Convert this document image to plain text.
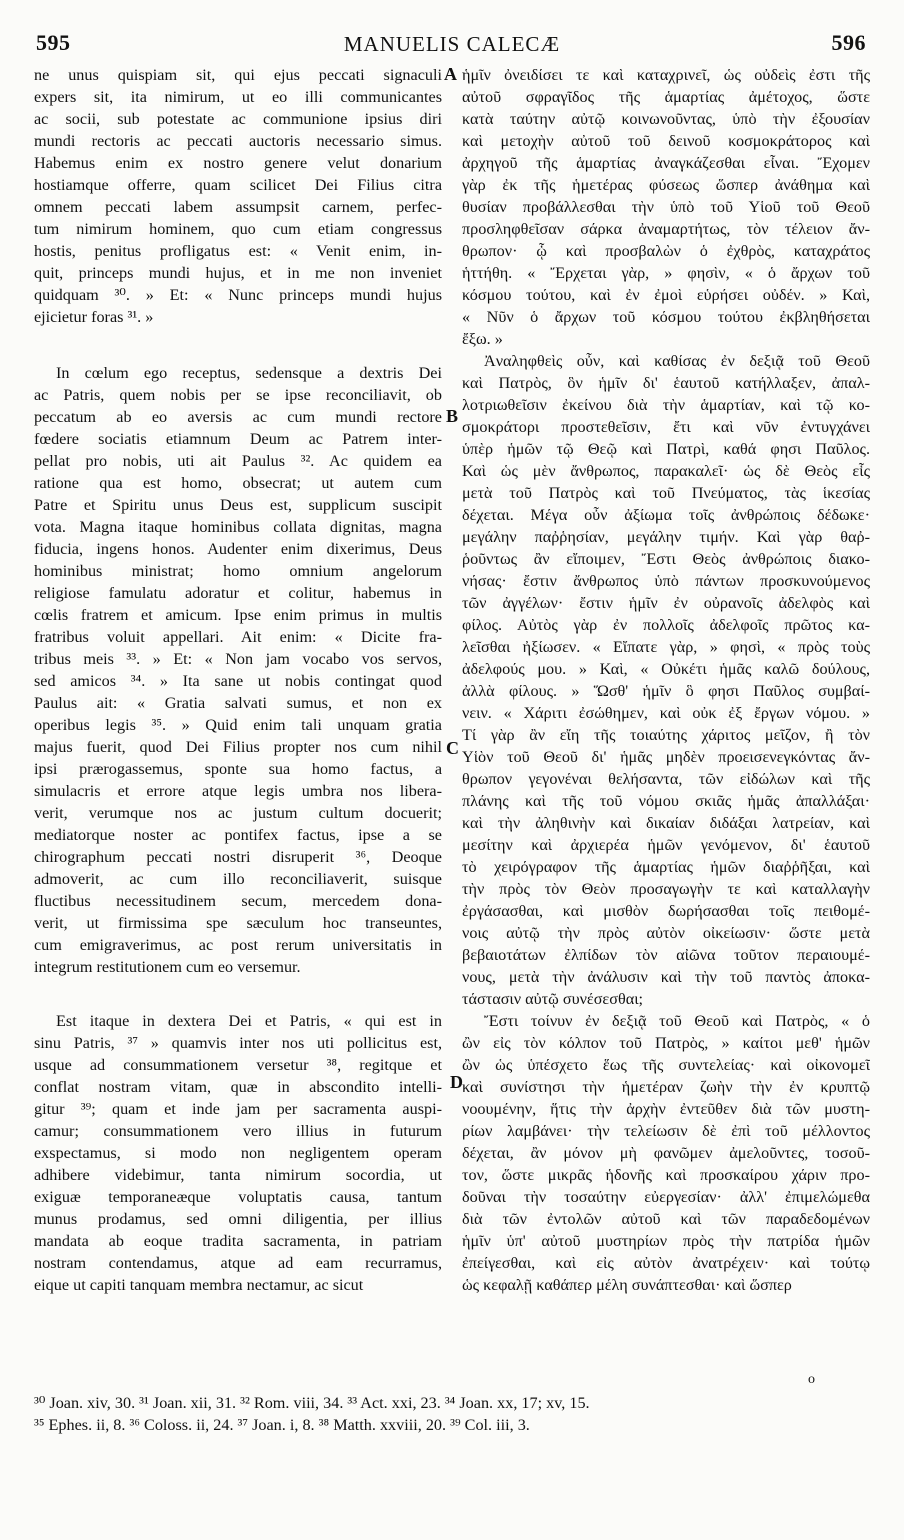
595	MANUELIS CALECÆ	596
A
B
C
D
ne unus quispiam sit, qui ejus peccati signaculi
expers sit, ita nimirum, ut eo illi communicantes
ac socii, sub potestate ac communione ipsius diri
mundi rectoris ac peccati auctoris necessario simus.
Habemus enim ex nostro genere velut donarium
hostiamque offerre, quam scilicet Dei Filius citra
omnem peccati labem assumpsit carnem, perfec-
tum nimirum hominem, quo cum etiam congressus
hostis, penitus profligatus est: « Venit enim, in-
quit, princeps mundi hujus, et in me non inveniet
quidquam ³⁰. » Et: « Nunc princeps mundi hujus
ejicietur foras ³¹. »
In cœlum ego receptus, sedensque a dextris Dei
ac Patris, quem nobis per se ipse reconciliavit, ob
peccatum ab eo aversis ac cum mundi rectore
fœdere sociatis etiamnum Deum ac Patrem inter-
pellat pro nobis, uti ait Paulus ³². Ac quidem ea
ratione qua est homo, obsecrat; ut autem cum
Patre et Spiritu unus Deus est, supplicum suscipit
vota. Magna itaque hominibus collata dignitas, magna
fiducia, ingens honos. Audenter enim dixerimus, Deus
hominibus ministrat; homo omnium angelorum
religiose famulatu adoratur et colitur, habemus in
cœlis fratrem et amicum. Ipse enim primus in multis
fratribus voluit appellari. Ait enim: « Dicite fra-
tribus meis ³³. » Et: « Non jam vocabo vos servos,
sed amicos ³⁴. » Ita sane ut nobis contingat quod
Paulus ait: « Gratia salvati sumus, et non ex
operibus legis ³⁵. » Quid enim tali unquam gratia
majus fuerit, quod Dei Filius propter nos cum nihil
ipsi prærogassemus, sponte sua homo factus, a
simulacris et errore atque legis umbra nos libera-
verit, verumque nos ac justum cultum docuerit;
mediatorque noster ac pontifex factus, ipse a se
chirographum peccati nostri disruperit ³⁶, Deoque
admoverit, ac cum illo reconciliaverit, suisque
fluctibus necessitudinem secum, mercedem dona-
verit, ut firmissima spe sæculum hoc transeuntes,
cum emigraverimus, ac post rerum universitatis in
integrum restitutionem cum eo versemur.
Est itaque in dextera Dei et Patris, « qui est in
sinu Patris, ³⁷ » quamvis inter nos uti pollicitus est,
usque ad consummationem versetur ³⁸, regitque et
conflat nostram vitam, quæ in abscondito intelli-
gitur ³⁹; quam et inde jam per sacramenta auspi-
camur; consummationem vero illius in futurum
exspectamus, si modo non negligentem operam
adhibere videbimur, tanta nimirum socordia, ut
exiguæ temporaneæque voluptatis causa, tantum
munus prodamus, sed omni diligentia, per illius
mandata ab eoque tradita sacramenta, in patriam
nostram contendamus, atque ad eam recurramus,
eique ut capiti tanquam membra nectamur, ac sicut
ἡμῖν ὀνειδίσει τε καὶ καταχρινεῖ, ὡς οὐδεὶς ἐστι τῆς
αὐτοῦ σφραγῖδος τῆς ἁμαρτίας ἀμέτοχος, ὥστε
κατὰ ταύτην αὐτῷ κοινωνοῦντας, ὑπὸ τὴν ἐξουσίαν
καὶ μετοχὴν αὐτοῦ τοῦ δεινοῦ κοσμοκράτορος καὶ
ἀρχηγοῦ τῆς ἁμαρτίας ἀναγκάζεσθαι εἶναι. Ἔχομεν
γὰρ ἐκ τῆς ἡμετέρας φύσεως ὥσπερ ἀνάθημα καὶ
θυσίαν προβάλλεσθαι τὴν ὑπὸ τοῦ Υἱοῦ τοῦ Θεοῦ
προσληφθεῖσαν σάρκα ἀναμαρτήτως, τὸν τέλειον ἄν-
θρωπον· ᾧ καὶ προσβαλὼν ὁ ἐχθρὸς, καταχράτος
ἡττήθη. « Ἔρχεται γὰρ, » φησὶν, « ὁ ἄρχων τοῦ
κόσμου τούτου, καὶ ἐν ἐμοὶ εὑρήσει οὐδέν. » Καὶ,
« Νῦν ὁ ἄρχων τοῦ κόσμου τούτου ἐκβληθήσεται
ἔξω. »
Ἀναληφθεὶς οὖν, καὶ καθίσας ἐν δεξιᾷ τοῦ Θεοῦ
καὶ Πατρὸς, ὃν ἡμῖν δι' ἑαυτοῦ κατήλλαξεν, ἀπαλ-
λοτριωθεῖσιν ἐκείνου διὰ τὴν ἁμαρτίαν, καὶ τῷ κο-
σμοκράτορι προστεθεῖσιν, ἔτι καὶ νῦν ἐντυγχάνει
ὑπὲρ ἡμῶν τῷ Θεῷ καὶ Πατρὶ, καθά φησι Παῦλος.
Καὶ ὡς μὲν ἄνθρωπος, παρακαλεῖ· ὡς δὲ Θεὸς εἷς
μετὰ τοῦ Πατρὸς καὶ τοῦ Πνεύματος, τὰς ἱκεσίας
δέχεται. Μέγα οὖν ἀξίωμα τοῖς ἀνθρώποις δέδωκε·
μεγάλην παῤῥησίαν, μεγάλην τιμήν. Καὶ γὰρ θαῤ-
ῥοῦντως ἂν εἴποιμεν, Ἔστι Θεὸς ἀνθρώποις διακο-
νήσας· ἔστιν ἄνθρωπος ὑπὸ πάντων προσκυνούμενος
τῶν ἀγγέλων· ἔστιν ἡμῖν ἐν οὐρανοῖς ἀδελφὸς καὶ
φίλος. Αὐτὸς γὰρ ἐν πολλοῖς ἀδελφοῖς πρῶτος κα-
λεῖσθαι ἠξίωσεν. « Εἴπατε γὰρ, » φησὶ, « πρὸς τοὺς
ἀδελφούς μου. » Καὶ, « Οὐκέτι ἡμᾶς καλῶ δούλους,
ἀλλὰ φίλους. » Ὥσθ' ἡμῖν ὃ φησι Παῦλος συμβαί-
νειν. « Χάριτι ἐσώθημεν, καὶ οὐκ ἐξ ἔργων νόμου. »
Τί γὰρ ἂν εἴη τῆς τοιαύτης χάριτος μεῖζον, ἢ τὸν
Υἱὸν τοῦ Θεοῦ δι' ἡμᾶς μηδὲν προεισενεγκόντας ἄν-
θρωπον γεγονέναι θελήσαντα, τῶν εἰδώλων καὶ τῆς
πλάνης καὶ τῆς τοῦ νόμου σκιᾶς ἡμᾶς ἀπαλλάξαι·
καὶ τὴν ἀληθινὴν καὶ δικαίαν διδάξαι λατρείαν, καὶ
μεσίτην καὶ ἀρχιερέα ἡμῶν γενόμενον, δι' ἑαυτοῦ
τὸ χειρόγραφον τῆς ἁμαρτίας ἡμῶν διαῤῥῆξαι, καὶ
τὴν πρὸς τὸν Θεὸν προσαγωγὴν τε καὶ καταλλαγὴν
ἐργάσασθαι, καὶ μισθὸν δωρήσασθαι τοῖς πειθομέ-
νοις αὐτῷ τὴν πρὸς αὐτὸν οἰκείωσιν· ὥστε μετὰ
βεβαιοτάτων ἐλπίδων τὸν αἰῶνα τοῦτον περαιουμέ-
νους, μετὰ τὴν ἀνάλυσιν καὶ τὴν τοῦ παντὸς ἀποκα-
τάστασιν αὐτῷ συνέσεσθαι;
Ἔστι τοίνυν ἐν δεξιᾷ τοῦ Θεοῦ καὶ Πατρὸς, « ὁ
ὢν εἰς τὸν κόλπον τοῦ Πατρὸς, » καίτοι μεθ' ἡμῶν
ὢν ὡς ὑπέσχετο ἕως τῆς συντελείας· καὶ οἰκονομεῖ
καὶ συνίστησι τὴν ἡμετέραν ζωὴν τὴν ἐν κρυπτῷ
νοουμένην, ἥτις τὴν ἀρχὴν ἐντεῦθεν διὰ τῶν μυστη-
ρίων λαμβάνει· τὴν τελείωσιν δὲ ἐπὶ τοῦ μέλλοντος
δέχεται, ἂν μόνον μὴ φανῶμεν ἀμελοῦντες, τοσοῦ-
τον, ὥστε μικρᾶς ἡδονῆς καὶ προσκαίρου χάριν προ-
δοῦναι τὴν τοσαύτην εὐεργεσίαν· ἀλλ' ἐπιμελώμεθα
διὰ τῶν ἐντολῶν αὐτοῦ καὶ τῶν παραδεδομένων
ἡμῖν ὑπ' αὐτοῦ μυστηρίων πρὸς τὴν πατρίδα ἡμῶν
ἐπείγεσθαι, καὶ εἰς αὐτὸν ἀνατρέχειν· καὶ τούτῳ
ὡς κεφαλῇ καθάπερ μέλη συνάπτεσθαι· καὶ ὥσπερ
o
³⁰ Joan. xiv, 30. ³¹ Joan. xii, 31. ³² Rom. viii, 34. ³³ Act. xxi, 23. ³⁴ Joan. xx, 17; xv, 15.
³⁵ Ephes. ii, 8. ³⁶ Coloss. ii, 24. ³⁷ Joan. i, 8. ³⁸ Matth. xxviii, 20. ³⁹ Col. iii, 3.
